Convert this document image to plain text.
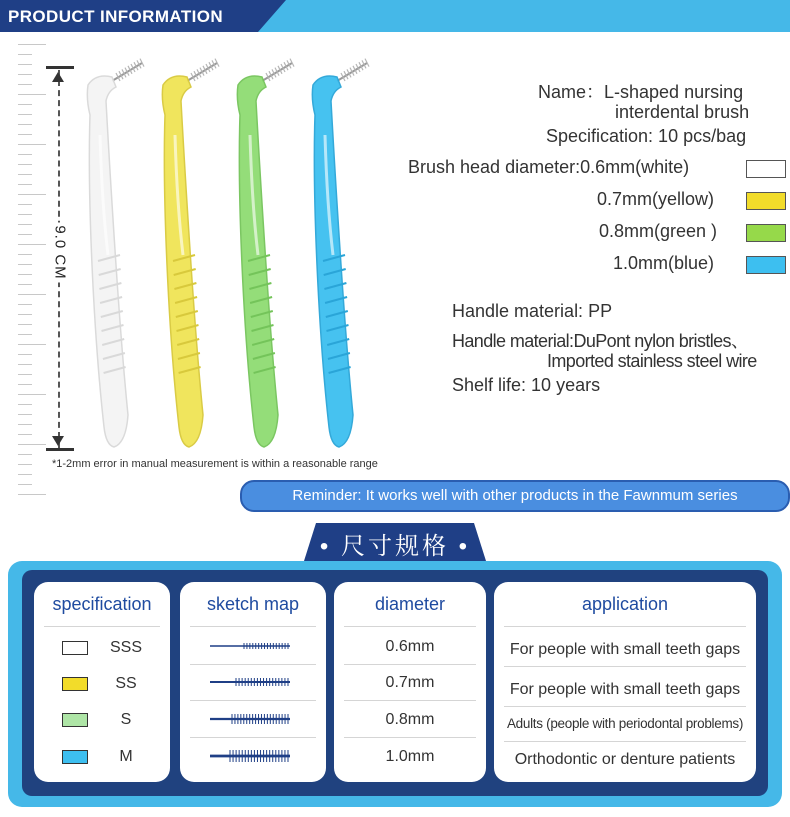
PRODUCT INFORMATION
9.0 CM
*1-2mm error in manual measurement is within a reasonable range
Name：L-shaped nursing
interdental brush
Specification: 10 pcs/bag
Brush head diameter:0.6mm(white)
0.7mm(yellow)
0.8mm(green )
1.0mm(blue)
Handle material: PP
Handle material:DuPont nylon bristles、
Imported stainless steel wire
Shelf life: 10 years
Reminder: It works well with other products in the Fawnmum series
• 尺寸规格 •
specification	sketch map	diameter	application
SSS	0.6mm	For people with small teeth gaps
SS	0.7mm	For people with small teeth gaps
S	0.8mm	Adults (people with periodontal problems)
M	1.0mm	Orthodontic or denture patients
